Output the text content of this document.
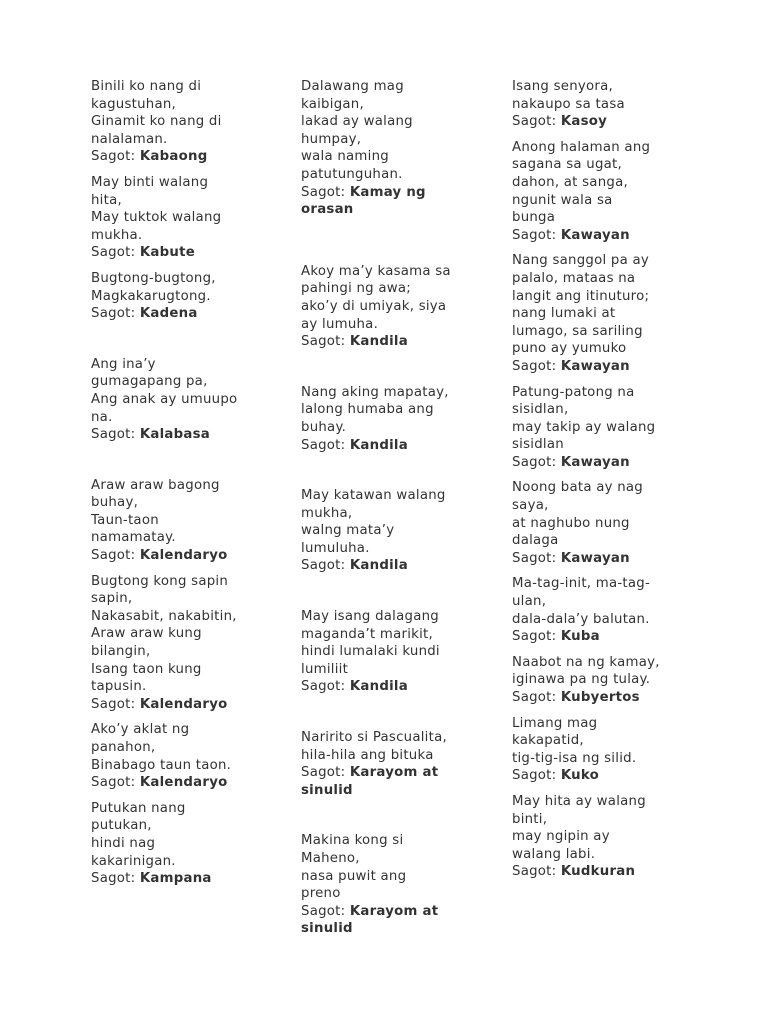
Binili ko nang di
kagustuhan,
Ginamit ko nang di
nalalaman.
Sagot: Kabaong
May binti walang
hita,
May tuktok walang
mukha.
Sagot: Kabute
Bugtong-bugtong,
Magkakarugtong.
Sagot: Kadena
Ang ina’y
gumagapang pa,
Ang anak ay umuupo
na.
Sagot: Kalabasa
Araw araw bagong
buhay,
Taun-taon
namamatay.
Sagot: Kalendaryo
Bugtong kong sapin
sapin,
Nakasabit, nakabitin,
Araw araw kung
bilangin,
Isang taon kung
tapusin.
Sagot: Kalendaryo
Ako’y aklat ng
panahon,
Binabago taun taon.
Sagot: Kalendaryo
Putukan nang
putukan,
hindi nag
kakarinigan.
Sagot: Kampana
Dalawang mag
kaibigan,
lakad ay walang
humpay,
wala naming
patutunguhan.
Sagot: Kamay ng orasan
Akoy ma’y kasama sa
pahingi ng awa;
ako’y di umiyak, siya
ay lumuha.
Sagot: Kandila
Nang aking mapatay,
lalong humaba ang
buhay.
Sagot: Kandila
May katawan walang
mukha,
walng mata’y
lumuluha.
Sagot: Kandila
May isang dalagang
maganda’t marikit,
hindi lumalaki kundi
lumiliit
Sagot: Kandila
Naririto si Pascualita,
hila-hila ang bituka
Sagot: Karayom at sinulid
Makina kong si
Maheno,
nasa puwit ang
preno
Sagot: Karayom at sinulid
Isang senyora,
nakaupo sa tasa
Sagot: Kasoy
Anong halaman ang
sagana sa ugat,
dahon, at sanga,
ngunit wala sa
bunga
Sagot: Kawayan
Nang sanggol pa ay
palalo, mataas na
langit ang itinuturo;
nang lumaki at
lumago, sa sariling
puno ay yumuko
Sagot: Kawayan
Patung-patong na
sisidlan,
may takip ay walang
sisidlan
Sagot: Kawayan
Noong bata ay nag
saya,
at naghubo nung
dalaga
Sagot: Kawayan
Ma-tag-init, ma-tag-
ulan,
dala-dala’y balutan.
Sagot: Kuba
Naabot na ng kamay,
iginawa pa ng tulay.
Sagot: Kubyertos
Limang mag
kakapatid,
tig-tig-isa ng silid.
Sagot: Kuko
May hita ay walang
binti,
may ngipin ay
walang labi.
Sagot: Kudkuran
